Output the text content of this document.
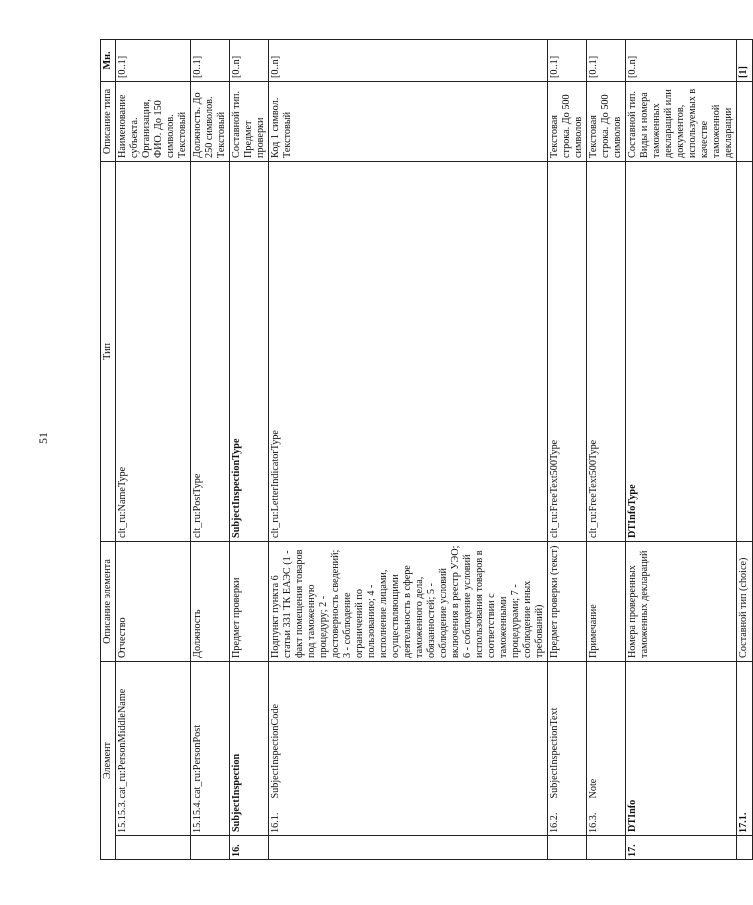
51
Элемент			Описание элемента	Тип	Описание типа	Мн.
	15.15.3.	cat_ru:PersonMiddleName	Отчество	clt_ru:NameType	Наименование субъекта. Организация, ФИО. До 150 символов. Текстовый	[0..1]
	15.15.4.	cat_ru:PersonPost	Должность	clt_ru:PostType	Должность. До 250 символов. Текстовый	[0..1]
16.	SubjectInspection		Предмет проверки	SubjectInspectionType	Составной тип. Предмет проверки	[0..n]
	16.1.	SubjectInspectionCode	Подпункт пункта 6 статьи 331 ТК ЕАЭС (1 - факт помещения товаров под таможенную процедуру; 2 - достоверность сведений; 3 - соблюдение ограничений по пользованию; 4 - исполнение лицами, осуществляющими деятельность в сфере таможенного дела, обязанностей; 5 - соблюдение условий включения в реестр УЭО; 6 - соблюдение условий использования товаров в соответствии с таможенными процедурами; 7 - соблюдение иных требований)	clt_ru:LetterIndicatorType	Код 1 символ. Текстовый	[0..n]
	16.2.	SubjectInspectionText	Предмет проверки (текст)	clt_ru:FreeText500Type	Текстовая строка. До 500 символов	[0..1]
	16.3.	Note	Примечание	clt_ru:FreeText500Type	Текстовая строка. До 500 символов	[0..1]
17.	DTInfo		Номера проверенных таможенных деклараций	DTInfoType	Составной тип. Виды и номера таможенных деклараций или документов, используемых в качестве таможенной декларации	[0..n]
	17.1.		Составной тип (choice)			[1]
